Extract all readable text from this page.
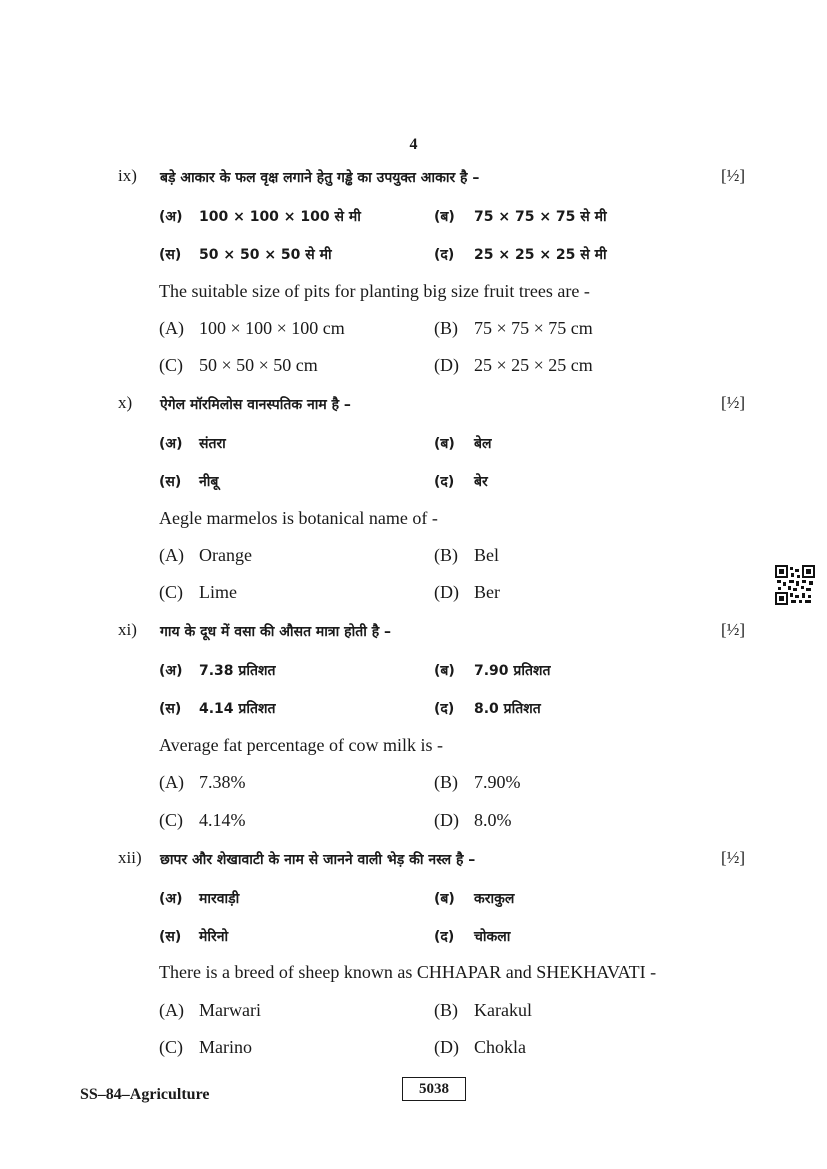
4
ix) बड़े आकार के फल वृक्ष लगाने हेतु गड्ढे का उपयुक्त आकार है –	[½]
(अ) 100 × 100 × 100 से मी	(ब) 75 × 75 × 75 से मी
(स) 50 × 50 × 50 से मी	(द) 25 × 25 × 25 से मी
The suitable size of pits for planting big size fruit trees are -
(A) 100 × 100 × 100 cm	(B) 75 × 75 × 75 cm
(C) 50 × 50 × 50 cm	(D) 25 × 25 × 25 cm
x) ऐगेल मॉरमिलोस वानस्पतिक नाम है –	[½]
(अ) संतरा	(ब) बेल
(स) नीबू	(द) बेर
Aegle marmelos is botanical name of -
(A) Orange	(B) Bel
(C) Lime	(D) Ber
xi) गाय के दूध में वसा की औसत मात्रा होती है –	[½]
(अ) 7.38 प्रतिशत	(ब) 7.90 प्रतिशत
(स) 4.14 प्रतिशत	(द) 8.0 प्रतिशत
Average fat percentage of cow milk is -
(A) 7.38%	(B) 7.90%
(C) 4.14%	(D) 8.0%
xii) छापर और शेखावाटी के नाम से जानने वाली भेड़ की नस्ल है –	[½]
(अ) मारवाड़ी	(ब) कराकुल
(स) मेरिनो	(द) चोकला
There is a breed of sheep known as CHHAPAR and SHEKHAVATI -
(A) Marwari	(B) Karakul
(C) Marino	(D) Chokla
SS–84–Agriculture	5038
